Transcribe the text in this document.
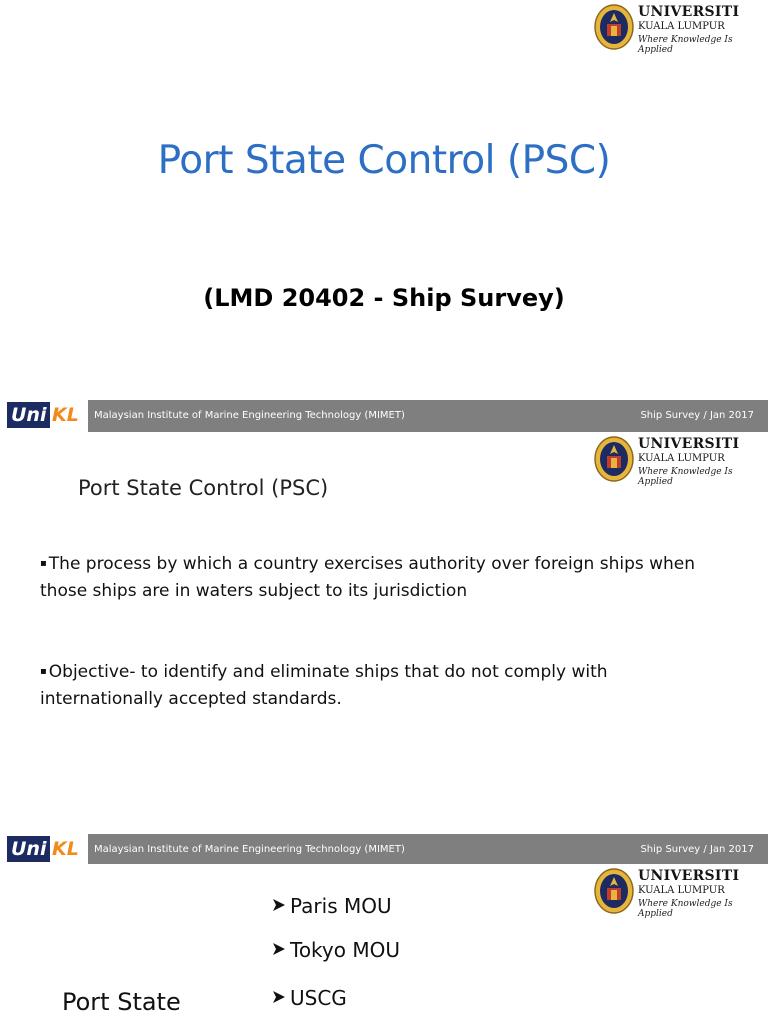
UNIVERSITI
KUALA LUMPUR
Where Knowledge Is Applied
Port State Control (PSC)
(LMD 20402 - Ship Survey)
Uni KL Malaysian Institute of Marine Engineering Technology (MIMET)	Ship Survey / Jan 2017
UNIVERSITI
KUALA LUMPUR
Where Knowledge Is Applied
Port State Control (PSC)
▪ The process by which a country exercises authority over foreign ships when those ships are in waters subject to its jurisdiction
▪ Objective- to identify and eliminate ships that do not comply with internationally accepted standards.
Uni KL Malaysian Institute of Marine Engineering Technology (MIMET)	Ship Survey / Jan 2017
UNIVERSITI
KUALA LUMPUR
Where Knowledge Is Applied
Paris MOU
Tokyo MOU
USCG
Port State
